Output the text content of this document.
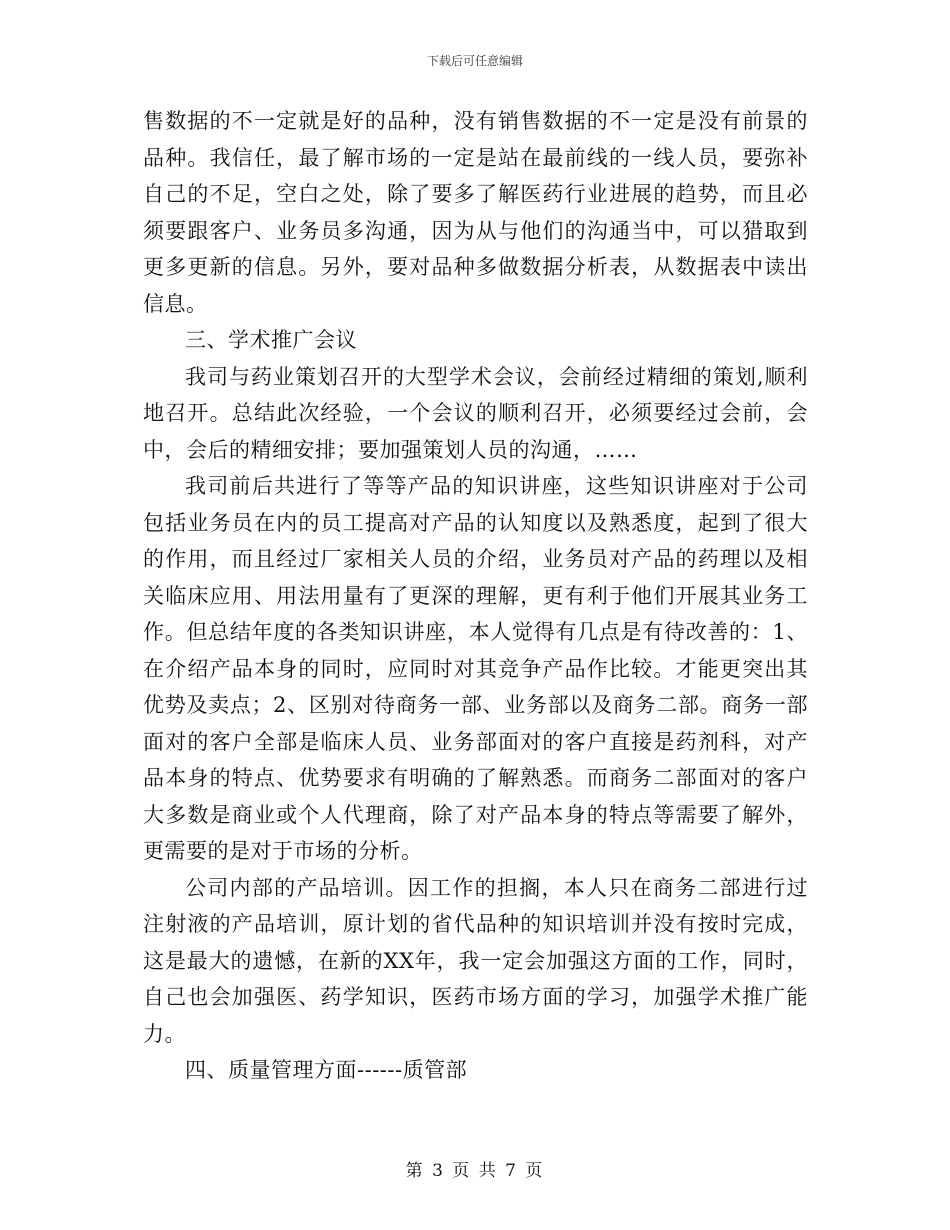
下载后可任意编辑

售数据的不一定就是好的品种，没有销售数据的不一定是没有前景的品种。我信任，最了解市场的一定是站在最前线的一线人员，要弥补自己的不足，空白之处，除了要多了解医药行业进展的趋势，而且必须要跟客户、业务员多沟通，因为从与他们的沟通当中，可以猎取到更多更新的信息。另外，要对品种多做数据分析表，从数据表中读出信息。

三、学术推广会议

我司与药业策划召开的大型学术会议，会前经过精细的策划,顺利地召开。总结此次经验，一个会议的顺利召开，必须要经过会前，会中，会后的精细安排；要加强策划人员的沟通，……

我司前后共进行了等等产品的知识讲座，这些知识讲座对于公司包括业务员在内的员工提高对产品的认知度以及熟悉度，起到了很大的作用，而且经过厂家相关人员的介绍，业务员对产品的药理以及相关临床应用、用法用量有了更深的理解，更有利于他们开展其业务工作。但总结年度的各类知识讲座，本人觉得有几点是有待改善的：1、在介绍产品本身的同时，应同时对其竞争产品作比较。才能更突出其优势及卖点；2、区别对待商务一部、业务部以及商务二部。商务一部面对的客户全部是临床人员、业务部面对的客户直接是药剂科，对产品本身的特点、优势要求有明确的了解熟悉。而商务二部面对的客户大多数是商业或个人代理商，除了对产品本身的特点等需要了解外，更需要的是对于市场的分析。

公司内部的产品培训。因工作的担搁，本人只在商务二部进行过注射液的产品培训，原计划的省代品种的知识培训并没有按时完成，这是最大的遗憾，在新的XX年，我一定会加强这方面的工作，同时，自己也会加强医、药学知识，医药市场方面的学习，加强学术推广能力。

四、质量管理方面------质管部

第 3 页 共 7 页
